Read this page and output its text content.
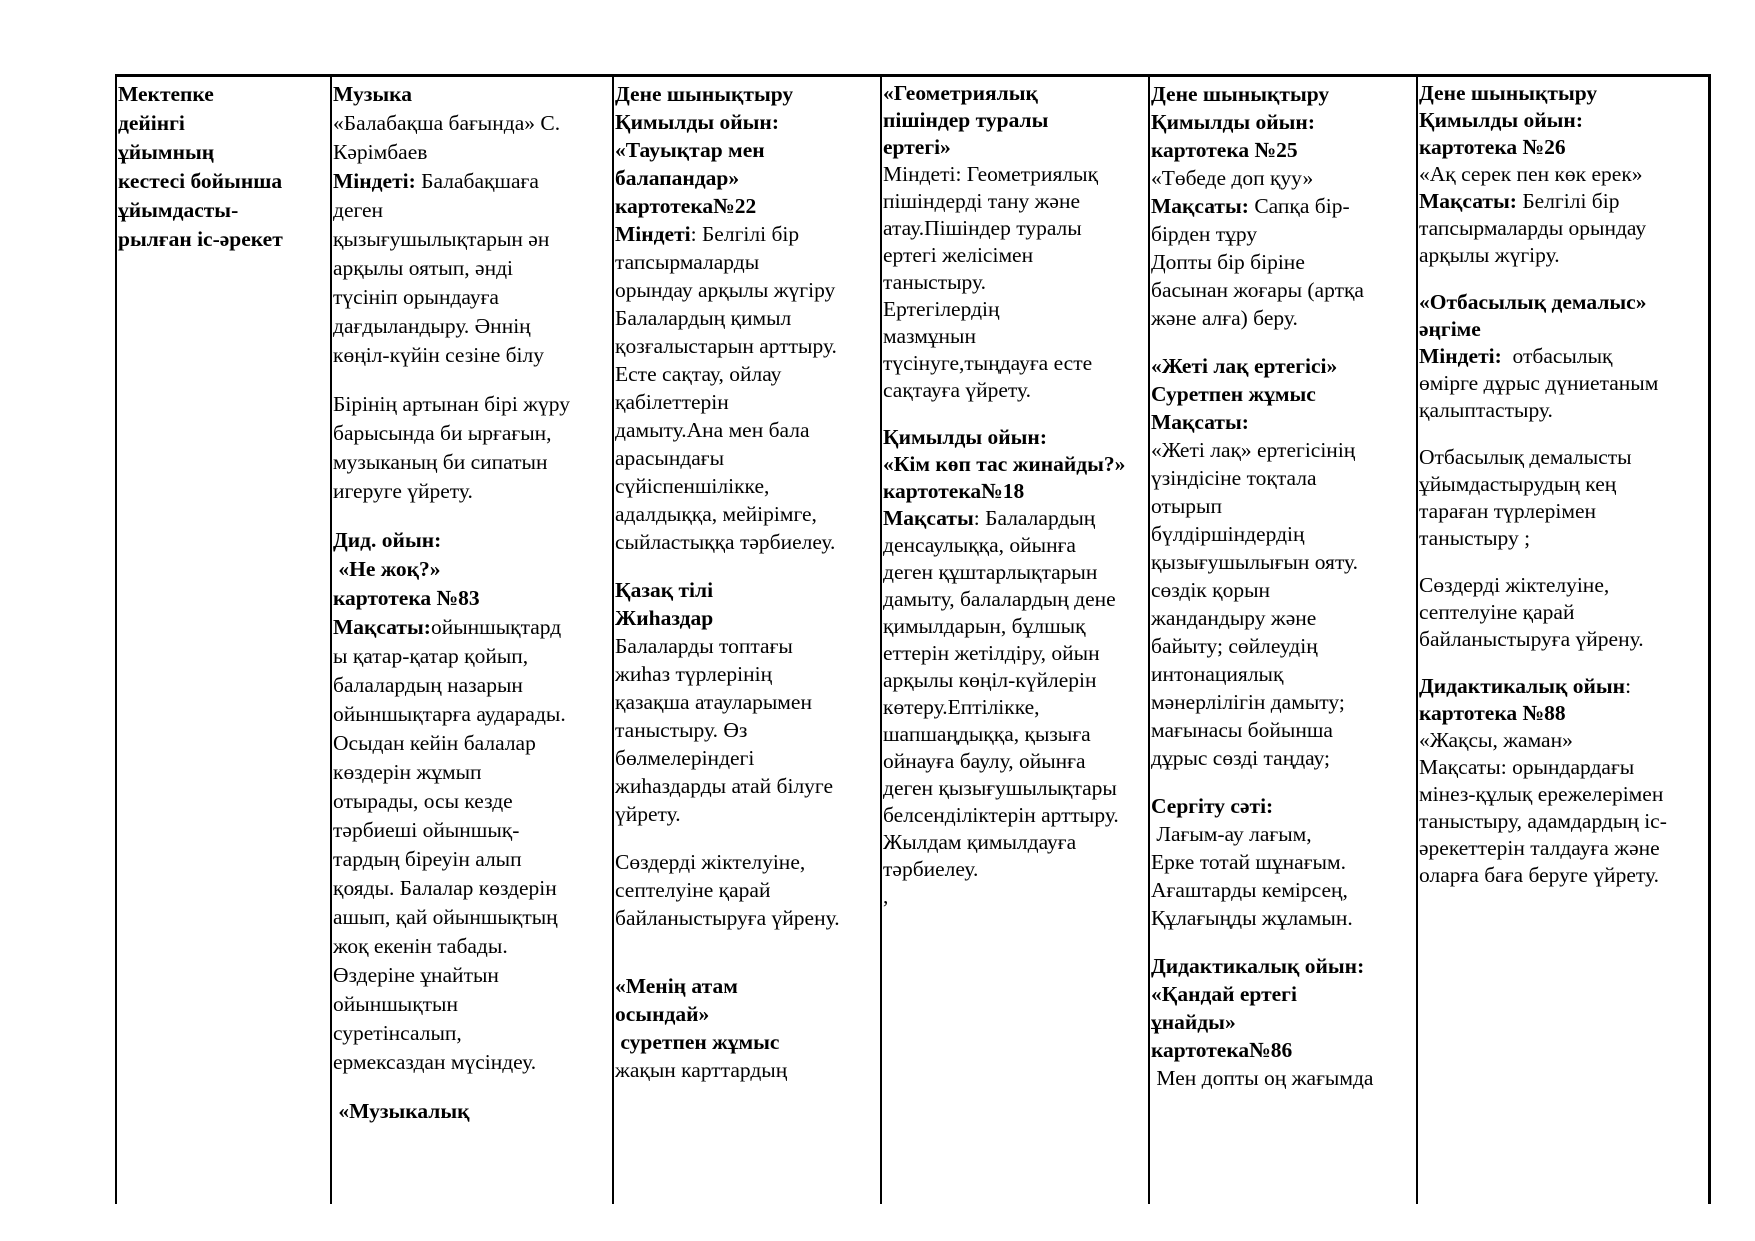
Мектепке

дейінгі

ұйымның

кестесі бойынша

ұйымдасты-

рылған іс-әрекет

Музыка

«Балабақша бағында» С.

Кәрімбаев

Міндеті: Балабақшаға

деген

қызығушылықтарын ән

арқылы оятып, әнді

түсініп орындауға

дағдыландыру. Әннің

көңіл-күйін сезіне білу

Бірінің артынан бірі жүру

барысында би ырғағын,

музыканың би сипатын

игеруге үйрету.

Дид. ойын:

«Не жоқ?»

картотека №83

Мақсаты:ойыншықтард

ы қатар-қатар қойып,

балалардың назарын

ойыншықтарға аударады.

Осыдан кейін балалар

көздерін жұмып

отырады, осы кезде

тәрбиеші ойыншық-

тардың біреуін алып

қояды. Балалар көздерін

ашып, қай ойыншықтың

жоқ екенін табады.

Өздеріне ұнайтын

ойыншықтын

суретінсалып,

ермексаздан мүсіндеу.

«Музыкалық

Дене шынықтыру

Қимылды ойын:

«Тауықтар мен

балапандар»

картотека№22

Міндеті: Белгілі бір

тапсырмаларды

орындау арқылы жүгіру

Балалардың қимыл

қозғалыстарын арттыру.

Есте сақтау, ойлау

қабілеттерін

дамыту.Ана мен бала

арасындағы

сүйіспеншілікке,

адалдыққа, мейірімге,

сыйластыққа тәрбиелеу.

Қазақ тілі

Жиhаздар

Балаларды топтағы

жиhаз түрлерінің

қазақша атауларымен

таныстыру. Өз

бөлмелеріндегі

жиhаздарды атай білуге

үйрету.

Сөздерді жіктелуіне,

септелуіне қарай

байланыстыруға үйрену.

«Менің атам

осындай»

суретпен жұмыс

жақын карттардың

«Геометриялық

пішіндер туралы

ертегі»

Міндеті: Геометриялық

пішіндерді тану және

атау.Пішіндер туралы

ертегі желісімен

таныстыру.

Ертегілердің

мазмұнын

түсінуге,тыңдауға есте

сақтауға үйрету.

Қимылды ойын:

«Кім көп тас жинайды?»

картотека№18

Мақсаты: Балалардың

денсаулыққа, ойынға

деген құштарлықтарын

дамыту, балалардың дене

қимылдарын, бұлшық

еттерін жетілдіру, ойын

арқылы көңіл-күйлерін

көтеру.Ептілікке,

шапшаңдыққа, қызыға

ойнауға баулу, ойынға

деген қызығушылықтары

белсенділіктерін арттыру.

Жылдам қимылдауға

тәрбиелеу.

,

Дене шынықтыру

Қимылды ойын:

картотека №25

«Төбеде доп қуу»

Мақсаты: Сапқа бір-

бірден тұру

Допты бір біріне

басынан жоғары (артқа

және алға) беру.

«Жеті лақ ертегісі»

Суретпен жұмыс

Мақсаты:

«Жеті лақ» ертегісінің

үзіндісіне тоқтала

отырып

бүлдіршіндердің

қызығушылығын ояту.

сөздік қорын

жандандыру және

байыту; сөйлеудің

интонациялық

мәнерлілігін дамыту;

мағынасы бойынша

дұрыс сөзді таңдау;

Сергіту сәті:

Лағым-ау лағым,

Ерке тотай шұнағым.

Ағаштарды кемірсең,

Құлағыңды жұламын.

Дидактикалық ойын:

«Қандай ертегі

ұнайды»

картотека№86

Мен допты оң жағымда

Дене шынықтыру

Қимылды ойын:

картотека №26

«Ақ серек пен көк ерек»

Мақсаты: Белгілі бір

тапсырмаларды орындау

арқылы жүгіру.

«Отбасылық демалыс»

әңгіме

Міндеті:  отбасылық

өмірге дұрыс дүниетаным

қалыптастыру.

Отбасылық демалысты

ұйымдастырудың кең

тараған түрлерімен

таныстыру ;

Сөздерді жіктелуіне,

септелуіне қарай

байланыстыруға үйрену.

Дидактикалық ойын:

картотека №88

«Жақсы, жаман»

Мақсаты: орындардағы

мінез-құлық ережелерімен

таныстыру, адамдардың іс-

әрекеттерін талдауға және

оларға баға беруге үйрету.
